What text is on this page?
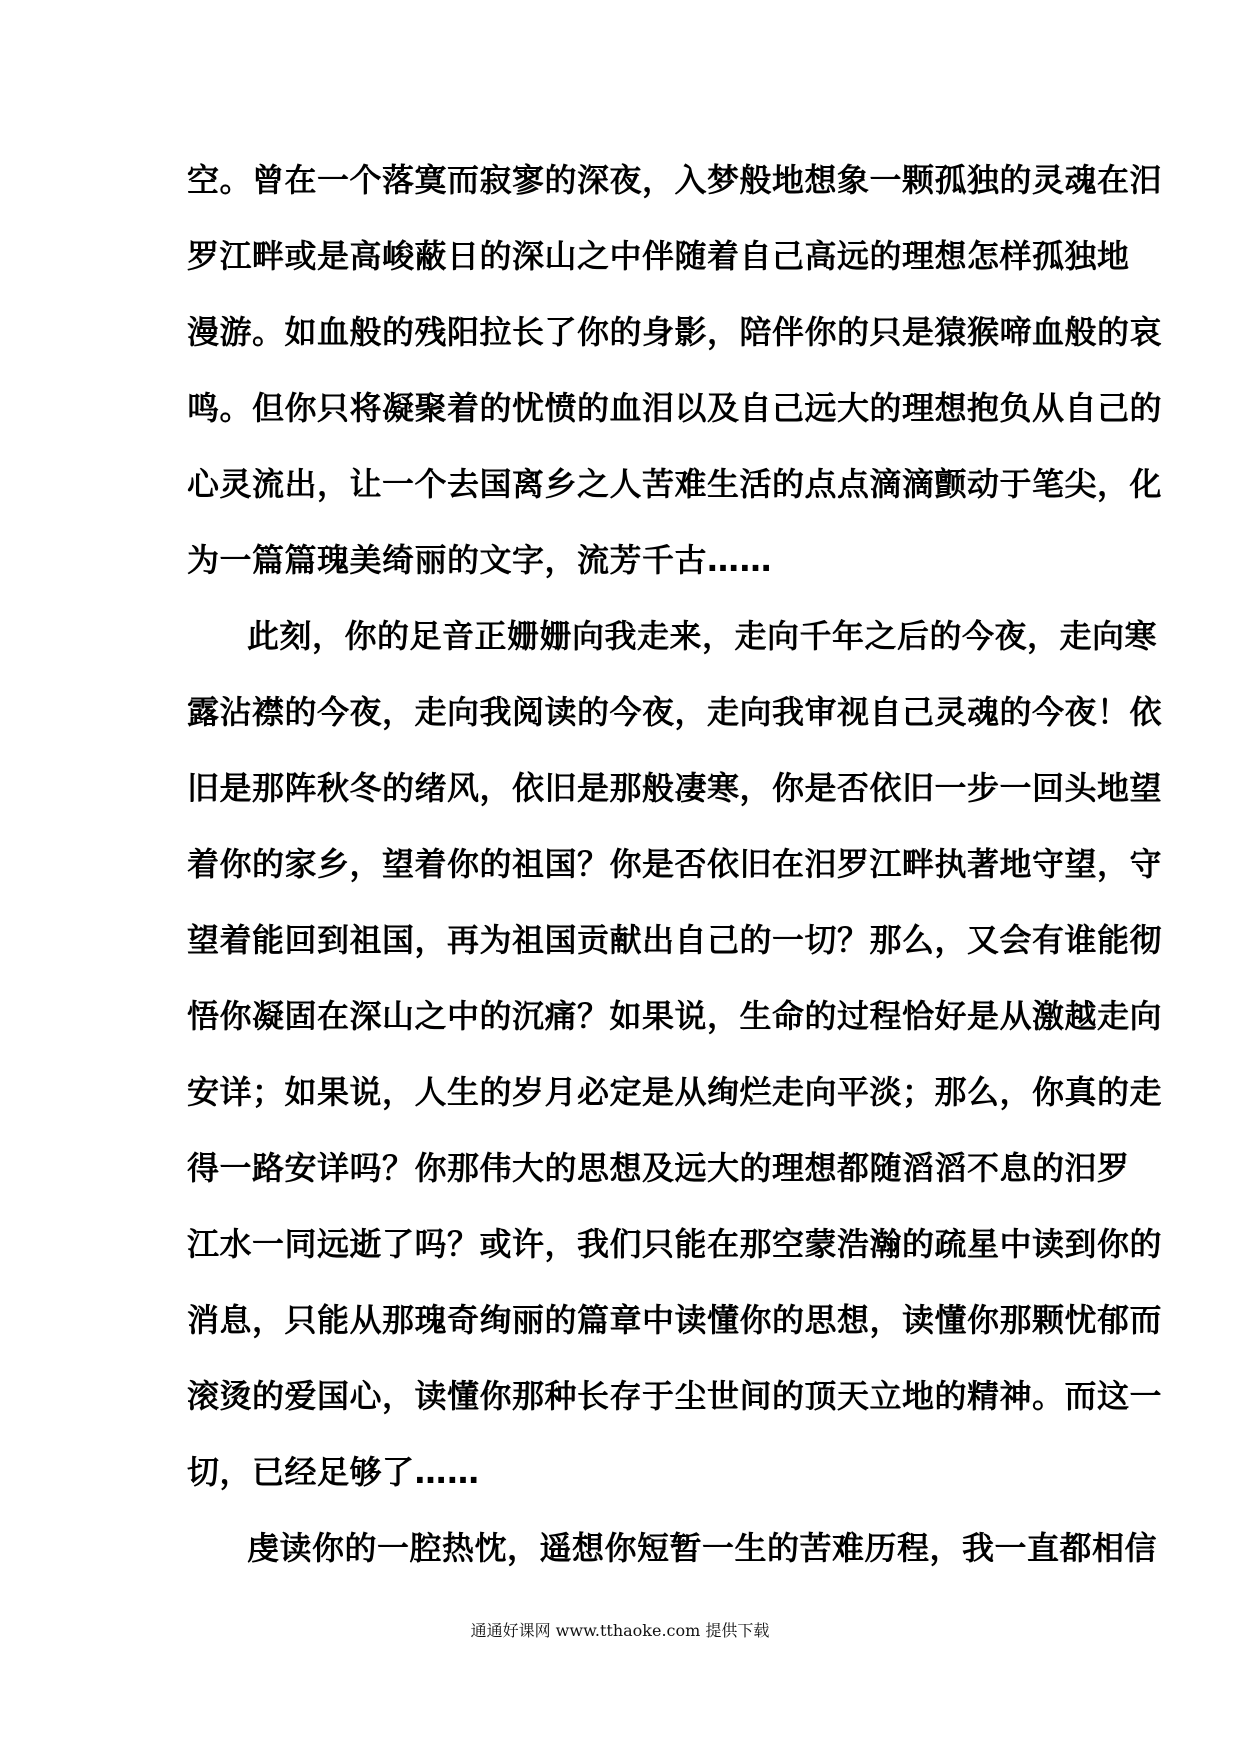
空。曾在一个落寞而寂寥的深夜，入梦般地想象一颗孤独的灵魂在汨
罗江畔或是高峻蔽日的深山之中伴随着自己高远的理想怎样孤独地
漫游。如血般的残阳拉长了你的身影，陪伴你的只是猿猴啼血般的哀
鸣。但你只将凝聚着的忧愤的血泪以及自己远大的理想抱负从自己的
心灵流出，让一个去国离乡之人苦难生活的点点滴滴颤动于笔尖，化
为一篇篇瑰美绮丽的文字，流芳千古……
此刻，你的足音正姗姗向我走来，走向千年之后的今夜，走向寒
露沾襟的今夜，走向我阅读的今夜，走向我审视自己灵魂的今夜！依
旧是那阵秋冬的绪风，依旧是那般凄寒，你是否依旧一步一回头地望
着你的家乡，望着你的祖国？你是否依旧在汨罗江畔执著地守望，守
望着能回到祖国，再为祖国贡献出自己的一切？那么，又会有谁能彻
悟你凝固在深山之中的沉痛？如果说，生命的过程恰好是从激越走向
安详；如果说，人生的岁月必定是从绚烂走向平淡；那么，你真的走
得一路安详吗？你那伟大的思想及远大的理想都随滔滔不息的汨罗
江水一同远逝了吗？或许，我们只能在那空蒙浩瀚的疏星中读到你的
消息，只能从那瑰奇绚丽的篇章中读懂你的思想，读懂你那颗忧郁而
滚烫的爱国心，读懂你那种长存于尘世间的顶天立地的精神。而这一
切，已经足够了……
虔读你的一腔热忱，遥想你短暂一生的苦难历程，我一直都相信
通通好课网 www.tthaoke.com 提供下载
